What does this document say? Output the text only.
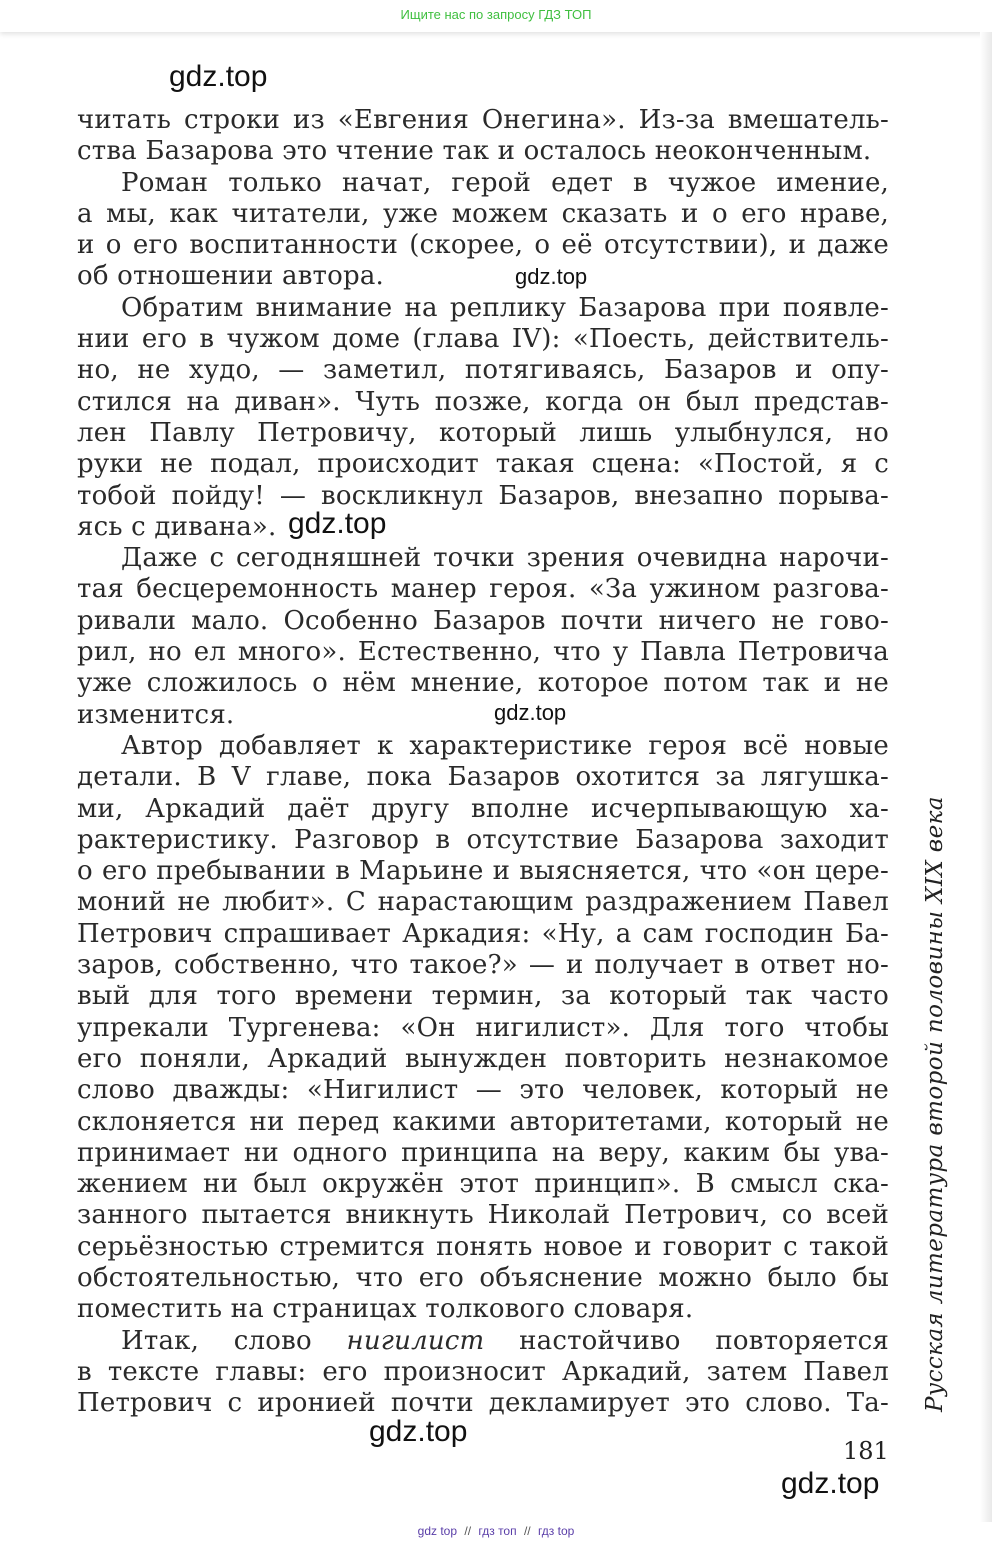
Ищите нас по запросу ГДЗ ТОП
gdz.top
читать строки из «Евгения Онегина». Из-за вмешатель-
ства Базарова это чтение так и осталось неоконченным.
Роман только начат, герой едет в чужое имение,
а мы, как читатели, уже можем сказать и о его нраве,
и о его воспитанности (скорее, о её отсутствии), и даже
об отношении автора.
Обратим внимание на реплику Базарова при появле-
нии его в чужом доме (глава IV): «Поесть, действитель-
но, не худо, — заметил, потягиваясь, Базаров и опу-
стился на диван». Чуть позже, когда он был представ-
лен Павлу Петровичу, который лишь улыбнулся, но
руки не подал, происходит такая сцена: «Постой, я с
тобой пойду! — воскликнул Базаров, внезапно порыва-
ясь с дивана».
Даже с сегодняшней точки зрения очевидна нарочи-
тая бесцеремонность манер героя. «За ужином разгова-
ривали мало. Особенно Базаров почти ничего не гово-
рил, но ел много». Естественно, что у Павла Петровича
уже сложилось о нём мнение, которое потом так и не
изменится.
Автор добавляет к характеристике героя всё новые
детали. В V главе, пока Базаров охотится за лягушка-
ми, Аркадий даёт другу вполне исчерпывающую ха-
рактеристику. Разговор в отсутствие Базарова заходит
о его пребывании в Марьине и выясняется, что «он цере-
моний не любит». С нарастающим раздражением Павел
Петрович спрашивает Аркадия: «Ну, а сам господин Ба-
заров, собственно, что такое?» — и получает в ответ но-
вый для того времени термин, за который так часто
упрекали Тургенева: «Он нигилист». Для того чтобы
его поняли, Аркадий вынужден повторить незнакомое
слово дважды: «Нигилист — это человек, который не
склоняется ни перед какими авторитетами, который не
принимает ни одного принципа на веру, каким бы ува-
жением ни был окружён этот принцип». В смысл ска-
занного пытается вникнуть Николай Петрович, со всей
серьёзностью стремится понять новое и говорит с такой
обстоятельностью, что его объяснение можно было бы
поместить на страницах толкового словаря.
Итак, слово нигилист настойчиво повторяется
в тексте главы: его произносит Аркадий, затем Павел
Петрович с иронией почти декламирует это слово. Та-
gdz.top
gdz.top
gdz.top
gdz.top
gdz.top
Русская литература второй половины XIX века
181
gdz top // гдз топ // гдз top
